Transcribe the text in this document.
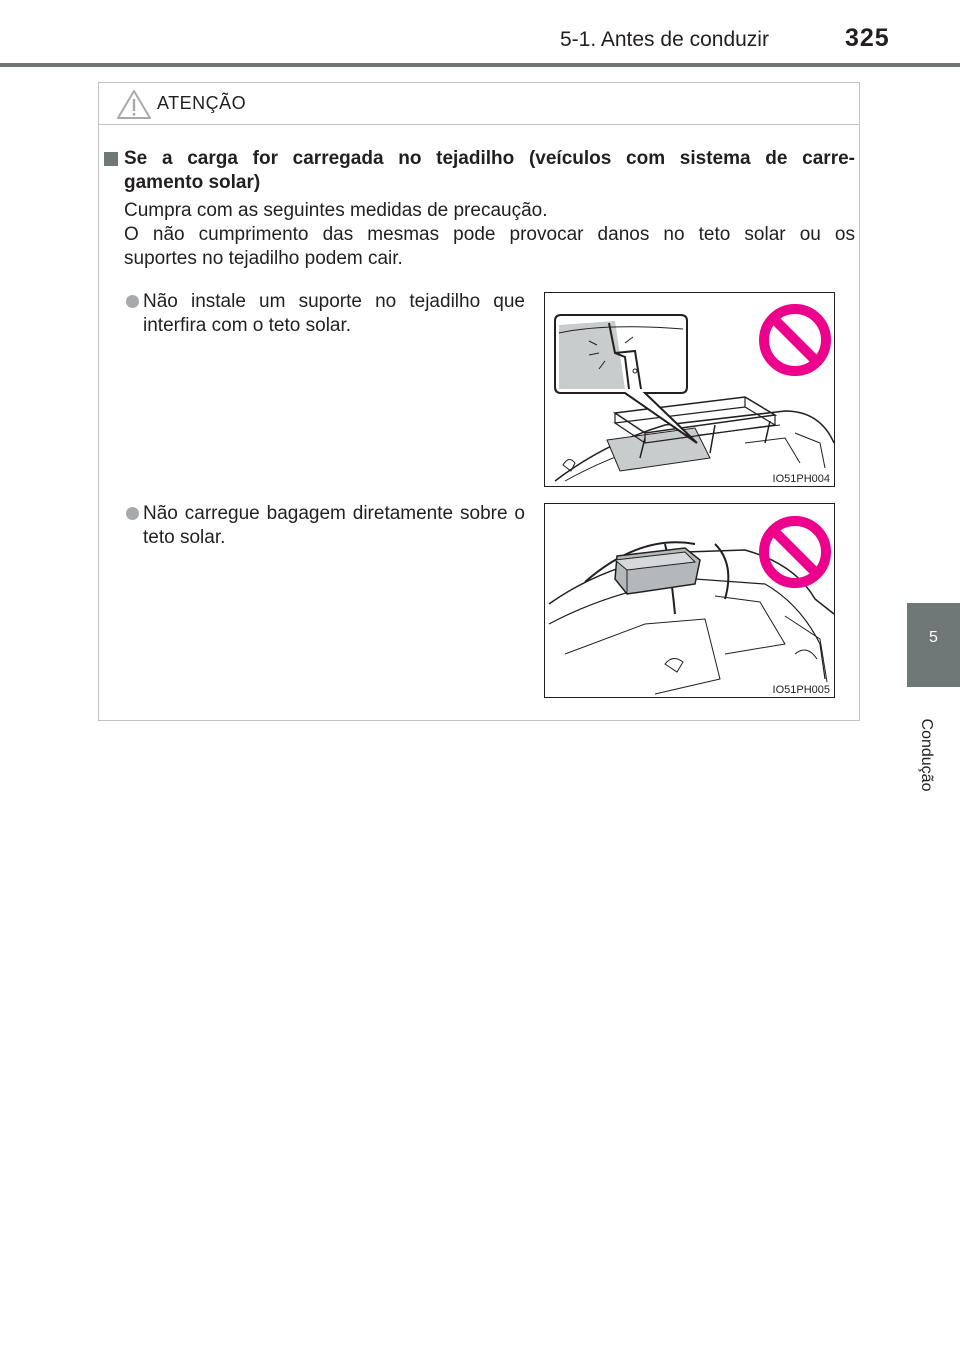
5-1. Antes de conduzir	325
5
Condução
ATENÇÃO

Se a carga for carregada no tejadilho (veículos com sistema de carre-
gamento solar)

Cumpra com as seguintes medidas de precaução.
O não cumprimento das mesmas pode provocar danos no teto solar ou os
suportes no tejadilho podem cair.

Não instale um suporte no tejadilho que interfira com o teto solar.

IO51PH004

Não carregue bagagem diretamente sobre o teto solar.

IO51PH005
